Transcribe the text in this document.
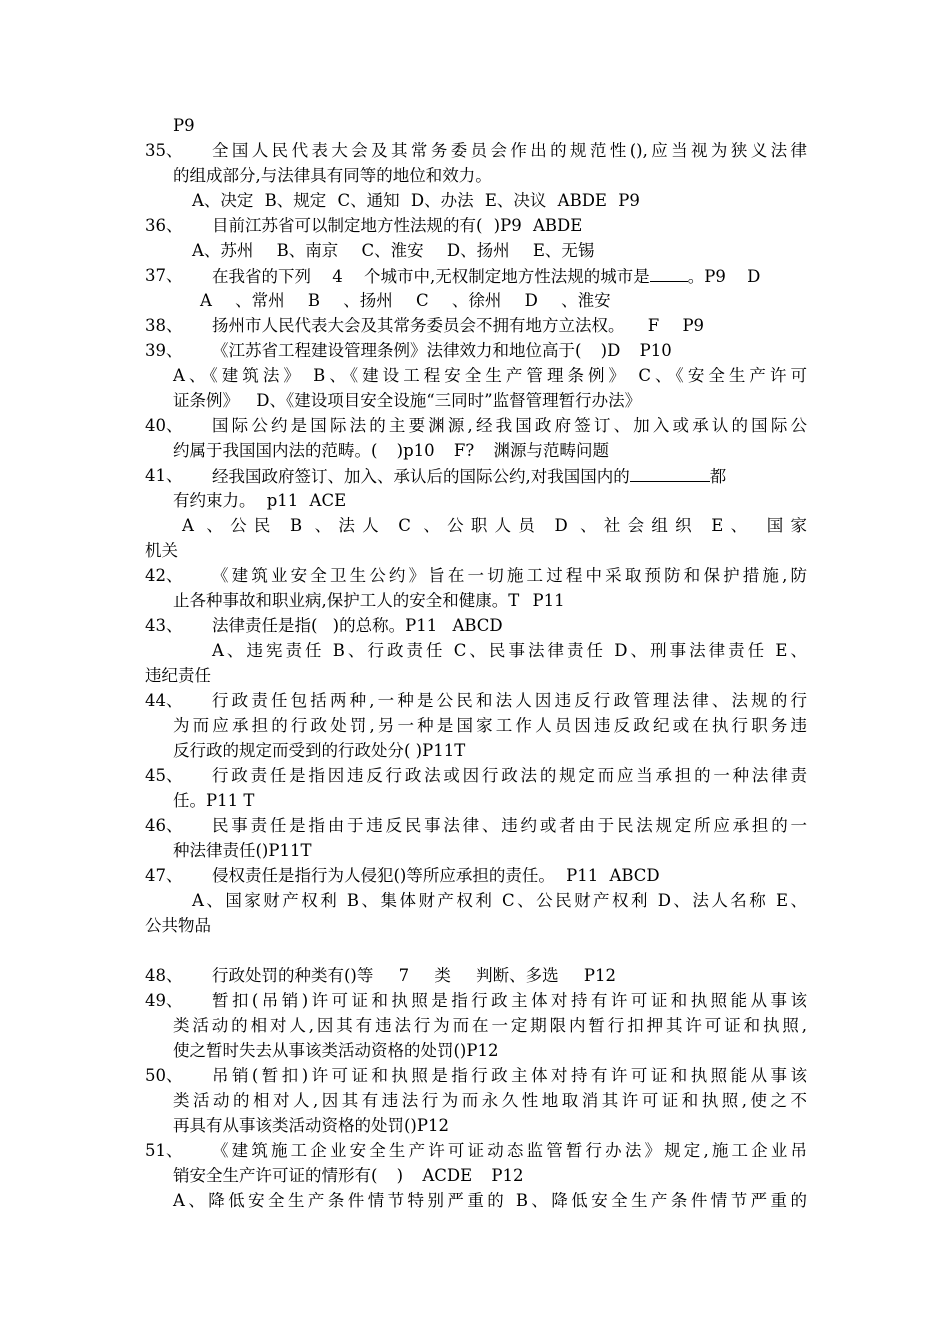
P9

35、 全国人民代表大会及其常务委员会作出的规范性(),应当视为狭义法律

的组成部分,与法律具有同等的地位和效力。

A、决定 B、规定 C、通知 D、办法 E、决议 ABDE P9

36、 目前江苏省可以制定地方性法规的有( )P9 ABDE

A、苏州 B、南京 C、淮安 D、扬州 E、无锡

37、 在我省的下列 4 个城市中,无权制定地方性法规的城市是 。P9 D

A 、常州 B 、扬州 C 、徐州 D 、淮安

38、 扬州市人民代表大会及其常务委员会不拥有地方立法权。 F P9

39、 《江苏省工程建设管理条例》法律效力和地位高于( )D P10

A、《建筑法》 B、《建设工程安全生产管理条例》 C、《安全生产许可

证条例》 D、《建设项目安全设施“三同时”监督管理暂行办法》

40、 国际公约是国际法的主要渊源,经我国政府签订、加入或承认的国际公

约属于我国国内法的范畴。( )p10 F? 渊源与范畴问题

41、 经我国政府签订、加入、承认后的国际公约,对我国国内的	都

有约束力。 p11 ACE

A 、公民 B 、法人 C 、公职人员 D 、社会组织 E、 国家

机关

42、 《建筑业安全卫生公约》旨在一切施工过程中采取预防和保护措施,防

止各种事故和职业病,保护工人的安全和健康。T P11

43、 法律责任是指( )的总称。P11 ABCD

A、违宪责任 B、行政责任 C、民事法律责任 D、刑事法律责任 E、

违纪责任

44、 行政责任包括两种,一种是公民和法人因违反行政管理法律、法规的行

为而应承担的行政处罚,另一种是国家工作人员因违反政纪或在执行职务违

反行政的规定而受到的行政处分( )P11T

45、 行政责任是指因违反行政法或因行政法的规定而应当承担的一种法律责

任。P11 T

46、 民事责任是指由于违反民事法律、违约或者由于民法规定所应承担的一

种法律责任()P11T

47、 侵权责任是指行为人侵犯()等所应承担的责任。 P11 ABCD

A、国家财产权利 B、集体财产权利 C、公民财产权利 D、法人名称 E、

公共物品

48、 行政处罚的种类有()等 7 类 判断、多选 P12

49、 暂扣(吊销)许可证和执照是指行政主体对持有许可证和执照能从事该

类活动的相对人,因其有违法行为而在一定期限内暂行扣押其许可证和执照,

使之暂时失去从事该类活动资格的处罚()P12

50、 吊销(暂扣)许可证和执照是指行政主体对持有许可证和执照能从事该

类活动的相对人,因其有违法行为而永久性地取消其许可证和执照,使之不

再具有从事该类活动资格的处罚()P12

51、 《建筑施工企业安全生产许可证动态监管暂行办法》规定,施工企业吊

销安全生产许可证的情形有( ) ACDE P12

A、降低安全生产条件情节特别严重的 B、降低安全生产条件情节严重的
